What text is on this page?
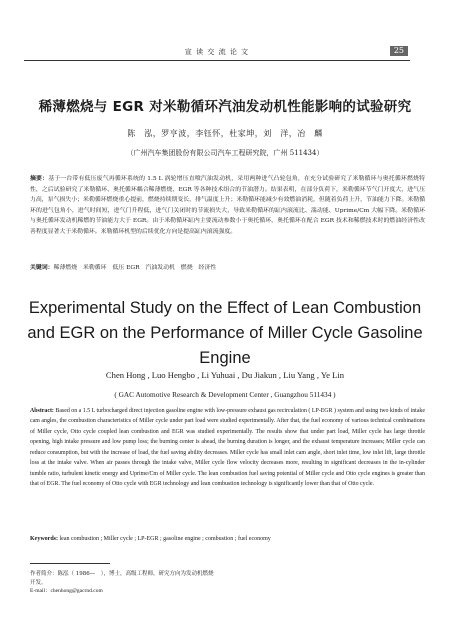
宣 读 交 流 论 文	25
稀薄燃烧与 EGR 对米勒循环汽油发动机性能影响的试验研究
陈　泓，罗亨波，李钰怀，杜家坤，刘　洋，冶　麟
（广州汽车集团股份有限公司汽车工程研究院，广州 511434）
摘要：基于一台带有低压废气再循环系统的 1.5 L 涡轮增压直喷汽油发动机，采用两种进气凸轮包角，在充分试验研究了米勒循环与奥托循环燃烧特性，之后试验研究了米勒循环、奥托循环耦合稀薄燃烧、EGR 等各种技术组合的节油潜力。结果表明，在部分负荷下，米勒循环节气门开度大，进气压力高，泵气损失小；米勒循环燃烧重心提前，燃烧持续期变长，排气温度上升；米勒循环能减少有效燃油消耗，但随着负荷上升，节油能力下降。米勒循环的进气包角小，进气时间短，进气门升程低，进气门关闭时的节流损失大，导致米勒循环的缸内滚流比、湍动能、Uprime/Cm 大幅下降。米勒循环与奥托循环发动机稀燃的节油能力大于 EGR。由于米勒循环缸内主要流动参数小于奥托循环，奥托循环在配合 EGR 技术和稀燃技术时的燃油经济性改善程度显著大于米勒循环。米勒循环机型的后续优化方向是提高缸内滚流强度。
关键词：稀薄燃烧　米勒循环　低压 EGR　汽油发动机　燃烧　经济性
Experimental Study on the Effect of Lean Combustion and EGR on the Performance of Miller Cycle Gasoline Engine
Chen Hong , Luo Hengbo , Li Yuhuai , Du Jiakun , Liu Yang , Ye Lin
( GAC Automotive Research & Development Center , Guangzhou 511434 )
Abstract: Based on a 1.5 L turbocharged direct injection gasoline engine with low-pressure exhaust gas recirculation ( LP-EGR ) system and using two kinds of intake cam angles, the combustion characteristics of Miller cycle under part load were studied experimentally. After that, the fuel economy of various technical combinations of Miller cycle, Otto cycle coupled lean combustion and EGR was studied experimentally. The results show that under part load, Miller cycle has large throttle opening, high intake pressure and low pump loss; the burning center is ahead, the burning duration is longer, and the exhaust temperature increases; Miller cycle can reduce consumption, but with the increase of load, the fuel saving ability decreases. Miller cycle has small inlet cam angle, short inlet time, low inlet lift, large throttle loss at the intake valve. When air passes through the intake valve, Miller cycle flow velocity decreases more, resulting in significant decreases in the in-cylinder tumble ratio, turbulent kinetic energy and Uprime/Cm of Miller cycle. The lean combustion fuel saving potential of Miller cycle and Otto cycle engines is greater than that of EGR. The fuel economy of Otto cycle with EGR technology and lean combustion technology is significantly lower than that of Otto cycle.
Keywords: lean combustion ; Miller cycle ; LP-EGR ; gasoline engine ; combustion ; fuel economy
作者简介：陈泓（ 1986—　），博士，高级工程师，研究方向为发动机燃烧
开发。
E-mail：chenhong@gacrnd.com
